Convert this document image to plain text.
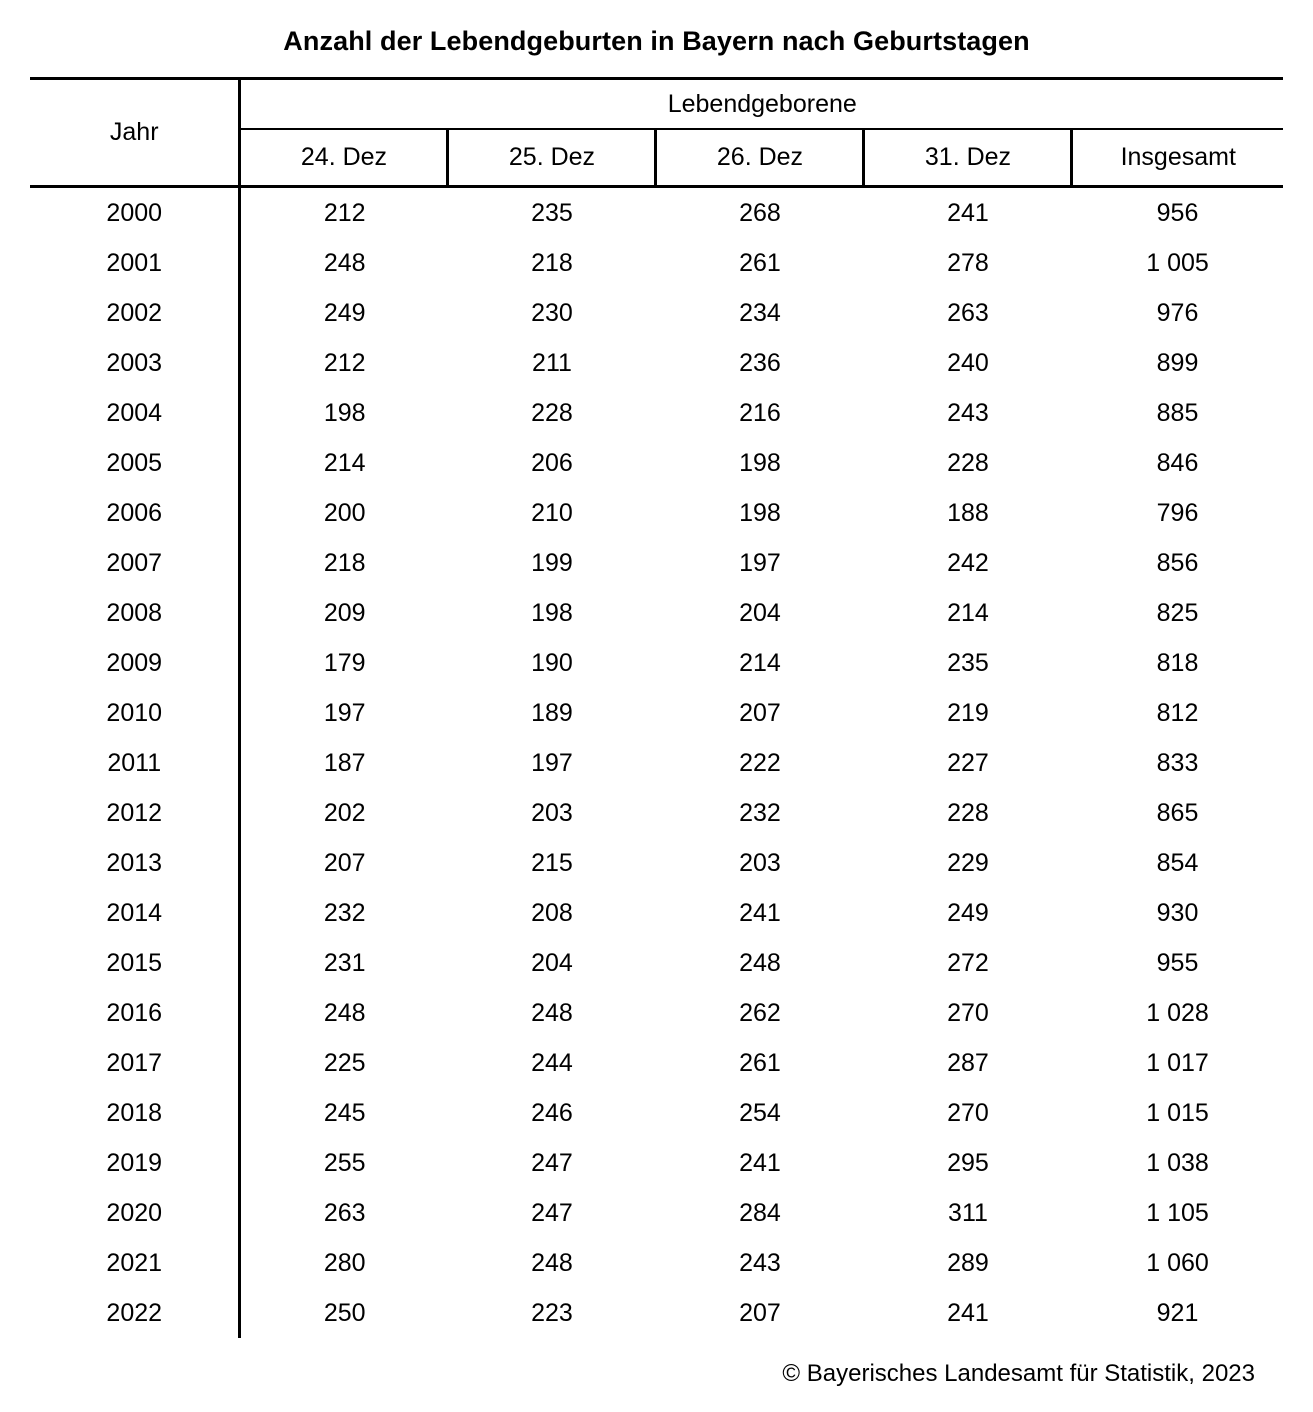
Anzahl der Lebendgeburten in Bayern nach Geburtstagen
Jahr	Lebendgeborene				
	24. Dez	25. Dez	26. Dez	31. Dez	Insgesamt
2000	212	235	268	241	956
2001	248	218	261	278	1 005
2002	249	230	234	263	976
2003	212	211	236	240	899
2004	198	228	216	243	885
2005	214	206	198	228	846
2006	200	210	198	188	796
2007	218	199	197	242	856
2008	209	198	204	214	825
2009	179	190	214	235	818
2010	197	189	207	219	812
2011	187	197	222	227	833
2012	202	203	232	228	865
2013	207	215	203	229	854
2014	232	208	241	249	930
2015	231	204	248	272	955
2016	248	248	262	270	1 028
2017	225	244	261	287	1 017
2018	245	246	254	270	1 015
2019	255	247	241	295	1 038
2020	263	247	284	311	1 105
2021	280	248	243	289	1 060
2022	250	223	207	241	921
© Bayerisches Landesamt für Statistik, 2023
